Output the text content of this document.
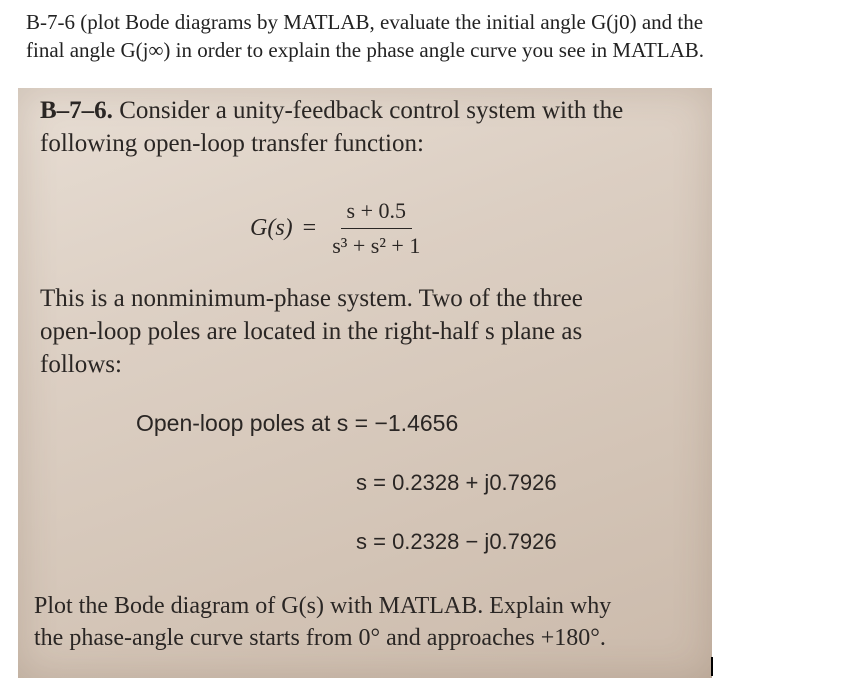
B-7-6 (plot Bode diagrams by MATLAB, evaluate the initial angle G(j0) and the

final angle G(j∞) in order to explain the phase angle curve you see in MATLAB.

B–7–6. Consider a unity-feedback control system with the

following open-loop transfer function:

$G(s) = \frac{s + 0.5}{\text{s³ + s² + 1}}$

This is a nonminimum-phase system. Two of the three

open-loop poles are located in the right-half s plane as

follows:

Open-loop poles at s = −1.4656
s = 0.2328 + j0.7926
s = 0.2328 − j0.7926

Plot the Bode diagram of G(s) with MATLAB. Explain why

the phase-angle curve starts from 0° and approaches +180°.
